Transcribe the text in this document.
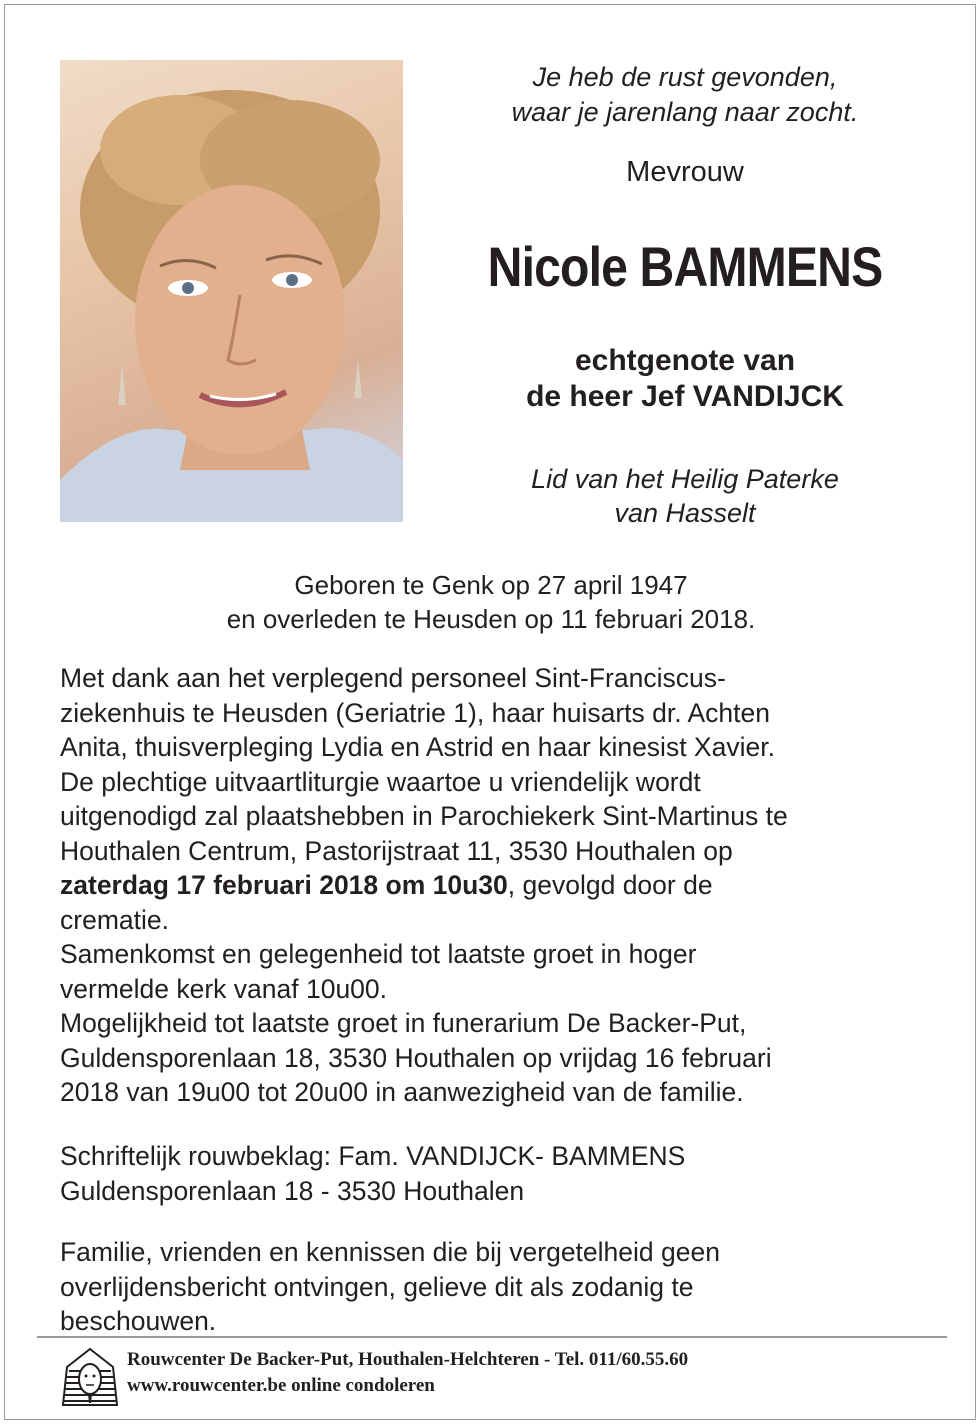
Je heb de rust gevonden,
waar je jarenlang naar zocht.
Mevrouw
Nicole BAMMENS
echtgenote van
de heer Jef VANDIJCK
Lid van het Heilig Paterke
van Hasselt
Geboren te Genk op 27 april 1947
en overleden te Heusden op 11 februari 2018.

Met dank aan het verplegend personeel Sint-Franciscus-

ziekenhuis te Heusden (Geriatrie 1), haar huisarts dr. Achten

Anita, thuisverpleging Lydia en Astrid en haar kinesist Xavier.

De plechtige uitvaartliturgie waartoe u vriendelijk wordt

uitgenodigd zal plaatshebben in Parochiekerk Sint-Martinus te

Houthalen Centrum, Pastorijstraat 11, 3530 Houthalen op

zaterdag 17 februari 2018 om 10u30, gevolgd door de

crematie.

Samenkomst en gelegenheid tot laatste groet in hoger

vermelde kerk vanaf 10u00.

Mogelijkheid tot laatste groet in funerarium De Backer-Put,

Guldensporenlaan 18, 3530 Houthalen op vrijdag 16 februari

2018 van 19u00 tot 20u00 in aanwezigheid van de familie.

Schriftelijk rouwbeklag: Fam. VANDIJCK- BAMMENS

Guldensporenlaan 18 - 3530 Houthalen

Familie, vrienden en kennissen die bij vergetelheid geen

overlijdensbericht ontvingen, gelieve dit als zodanig te

beschouwen.

Rouwcenter De Backer-Put, Houthalen-Helchteren - Tel. 011/60.55.60
www.rouwcenter.be online condoleren
